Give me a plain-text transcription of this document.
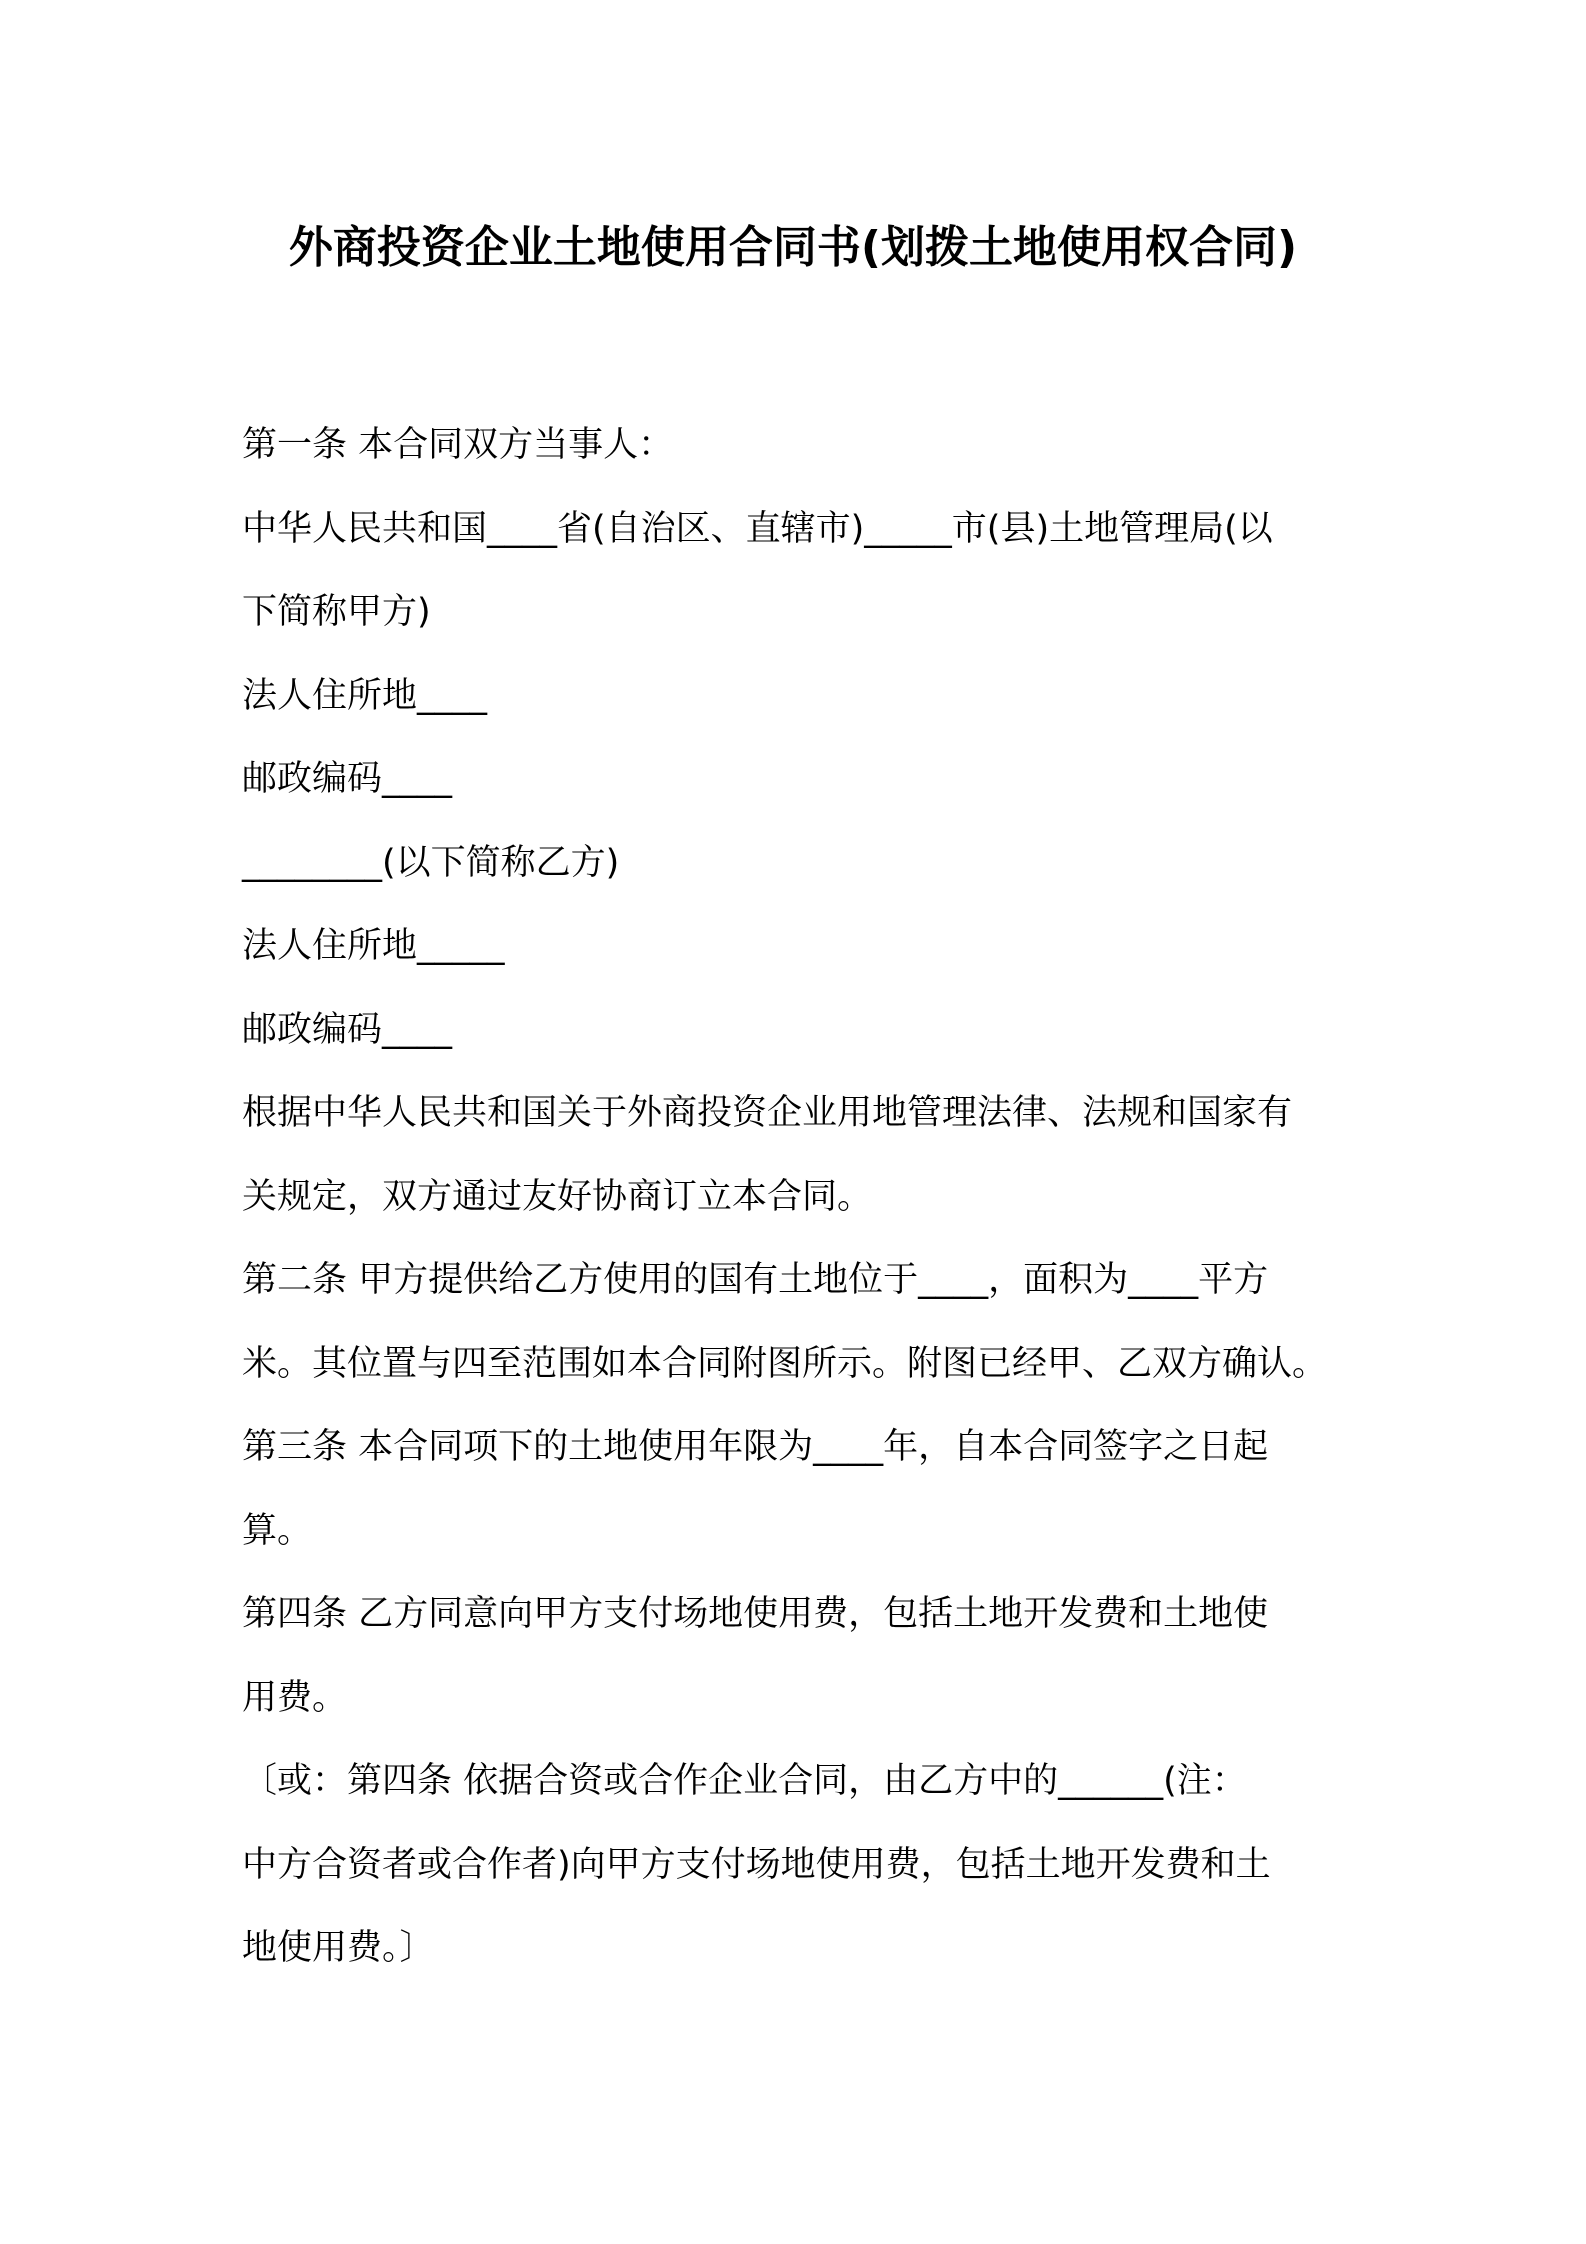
外商投资企业土地使用合同书(划拨土地使用权合同)

第一条 本合同双方当事人：

中华人民共和国____省(自治区、直辖市)_____市(县)土地管理局(以

下简称甲方)

法人住所地____

邮政编码____

________(以下简称乙方)

法人住所地_____

邮政编码____

根据中华人民共和国关于外商投资企业用地管理法律、法规和国家有

关规定，双方通过友好协商订立本合同。

第二条 甲方提供给乙方使用的国有土地位于____，面积为____平方

米。其位置与四至范围如本合同附图所示。附图已经甲、乙双方确认。

第三条 本合同项下的土地使用年限为____年，自本合同签字之日起

算。

第四条 乙方同意向甲方支付场地使用费，包括土地开发费和土地使

用费。

〔或：第四条 依据合资或合作企业合同，由乙方中的______(注：

中方合资者或合作者)向甲方支付场地使用费，包括土地开发费和土

地使用费。〕
